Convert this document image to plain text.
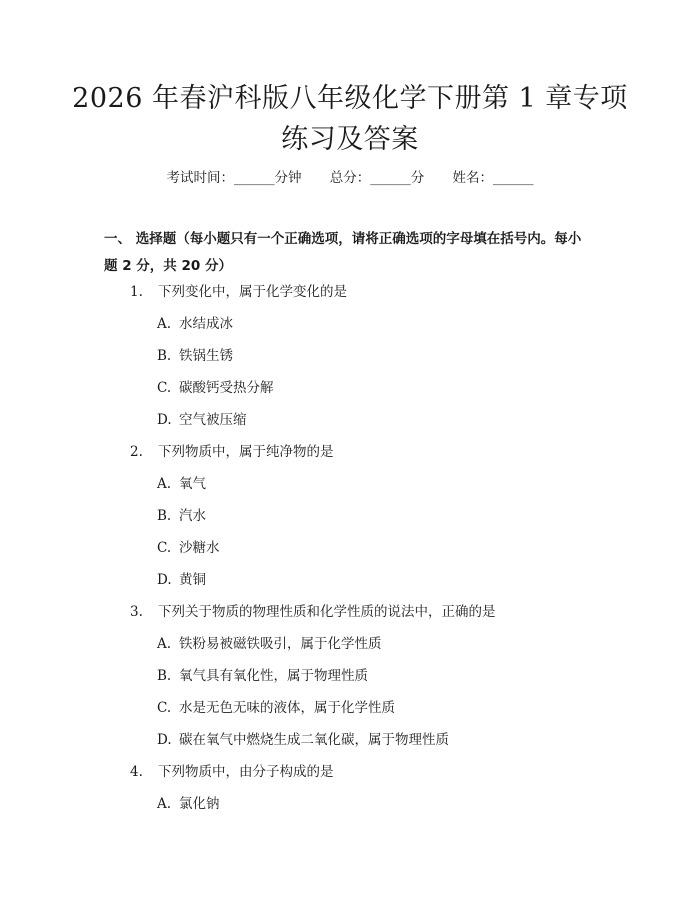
2026 年春沪科版八年级化学下册第 1 章专项
练习及答案
考试时间：______分钟 总分：______分 姓名：______
一、 选择题（每小题只有一个正确选项，请将正确选项的字母填在括号内。每小
题 2 分，共 20 分）
1. 下列变化中，属于化学变化的是
A. 水结成冰
B. 铁锅生锈
C. 碳酸钙受热分解
D. 空气被压缩
2. 下列物质中，属于纯净物的是
A. 氧气
B. 汽水
C. 沙糖水
D. 黄铜
3. 下列关于物质的物理性质和化学性质的说法中，正确的是
A. 铁粉易被磁铁吸引，属于化学性质
B. 氧气具有氧化性，属于物理性质
C. 水是无色无味的液体，属于化学性质
D. 碳在氧气中燃烧生成二氧化碳，属于物理性质
4. 下列物质中，由分子构成的是
A. 氯化钠
